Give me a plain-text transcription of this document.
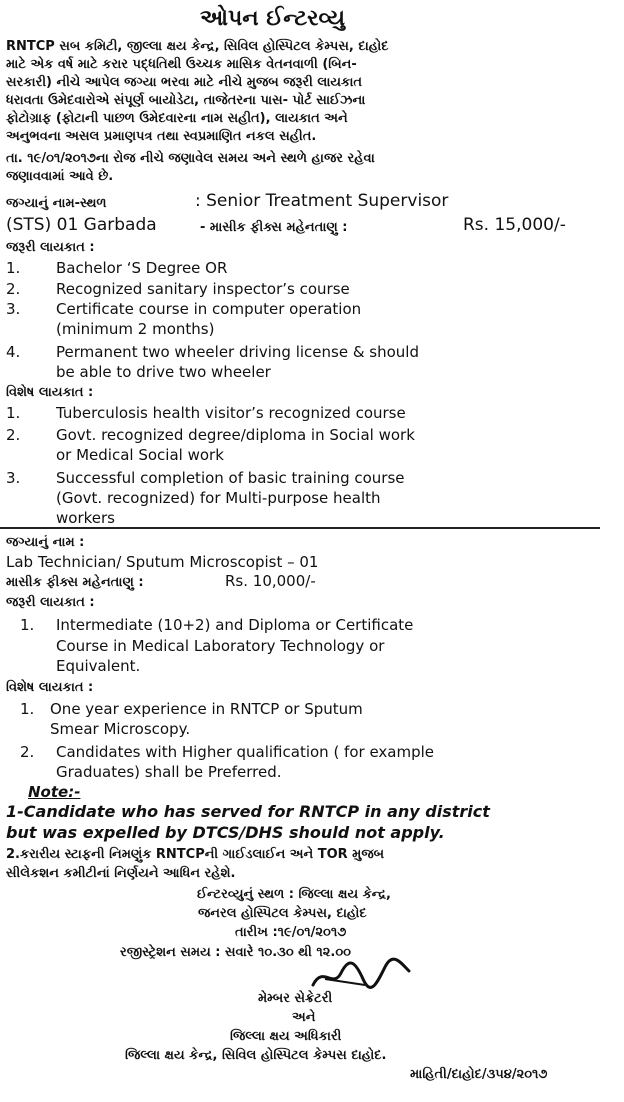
ઓપન ઈન્ટરવ્યુ
RNTCP સબ કમિટી, જીલ્લા ક્ષય કેન્દ્ર, સિવિલ હોસ્પિટલ કેમ્પસ, દાહોદ
માટે એક વર્ષ માટે કરાર પદ્ધતિથી ઉચ્ચક માસિક વેતનવાળી (બિન-
સરકારી) નીચે આપેલ જગ્યા ભરવા માટે નીચે મુજબ જરૂરી લાયકાત
ધરાવતા ઉમેદવારોએ સંપૂર્ણ બાયોડેટા, તાજેતરના પાસ- પોર્ટ સાઈઝના
ફોટોગ્રાફ (ફોટાની પાછળ ઉમેદવારના નામ સહીત), લાયકાત અને
અનુભવના અસલ પ્રમાણપત્ર તથા સ્વપ્રમાણિત નકલ સહીત.
તા. ૧૯/૦૧/૨૦૧૭ના રોજ નીચે જણાવેલ સમય અને સ્થળે હાજર રહેવા
જણાવવામાં આવે છે.
જગ્યાનું નામ-સ્થળ	: Senior Treatment Supervisor
(STS) 01 Garbada	- માસીક ફીક્સ મહેનતાણુ :	Rs. 15,000/-
જરૂરી લાયકાત :
1. Bachelor ‘S Degree OR
2. Recognized sanitary inspector’s course
3. Certificate course in computer operation
(minimum 2 months)
4. Permanent two wheeler driving license & should
be able to drive two wheeler
વિશેષ લાયકાત :
1. Tuberculosis health visitor’s recognized course
2. Govt. recognized degree/diploma in Social work
or Medical Social work
3. Successful completion of basic training course
(Govt. recognized) for Multi-purpose health
workers
જગ્યાનું નામ :
Lab Technician/ Sputum Microscopist – 01
માસીક ફીક્સ મહેનતાણુ :	Rs. 10,000/-
જરૂરી લાયકાત :
1. Intermediate (10+2) and Diploma or Certificate
Course in Medical Laboratory Technology or
Equivalent.
વિશેષ લાયકાત :
1. One year experience in RNTCP or Sputum
Smear Microscopy.
2. Candidates with Higher qualification ( for example
Graduates) shall be Preferred.
Note:-
1-Candidate who has served for RNTCP in any district
but was expelled by DTCS/DHS should not apply.
2.કરારીય સ્ટાફની નિમણુંક RNTCPની ગાઈડલાઈન અને TOR મુજબ
સીલેકશન કમીટીનાં નિર્ણયને આધિન રહેશે.
ઈન્ટરવ્યુનું સ્થળ : જિલ્લા ક્ષય કેન્દ્ર,
જનરલ હોસ્પિટલ કેમ્પસ, દાહોદ
તારીખ :૧૯/૦૧/૨૦૧૭
રજીસ્ટ્રેશન સમય : સવારે ૧૦.૩૦ થી ૧૨.૦૦
મેમ્બર સેક્રેટરી
અને
જિલ્લા ક્ષય અધિકારી
જિલ્લા ક્ષય કેન્દ્ર, સિવિલ હોસ્પિટલ કેમ્પસ દાહોદ.
માહિતી/દાહોદ/૩૫૪/૨૦૧૭
